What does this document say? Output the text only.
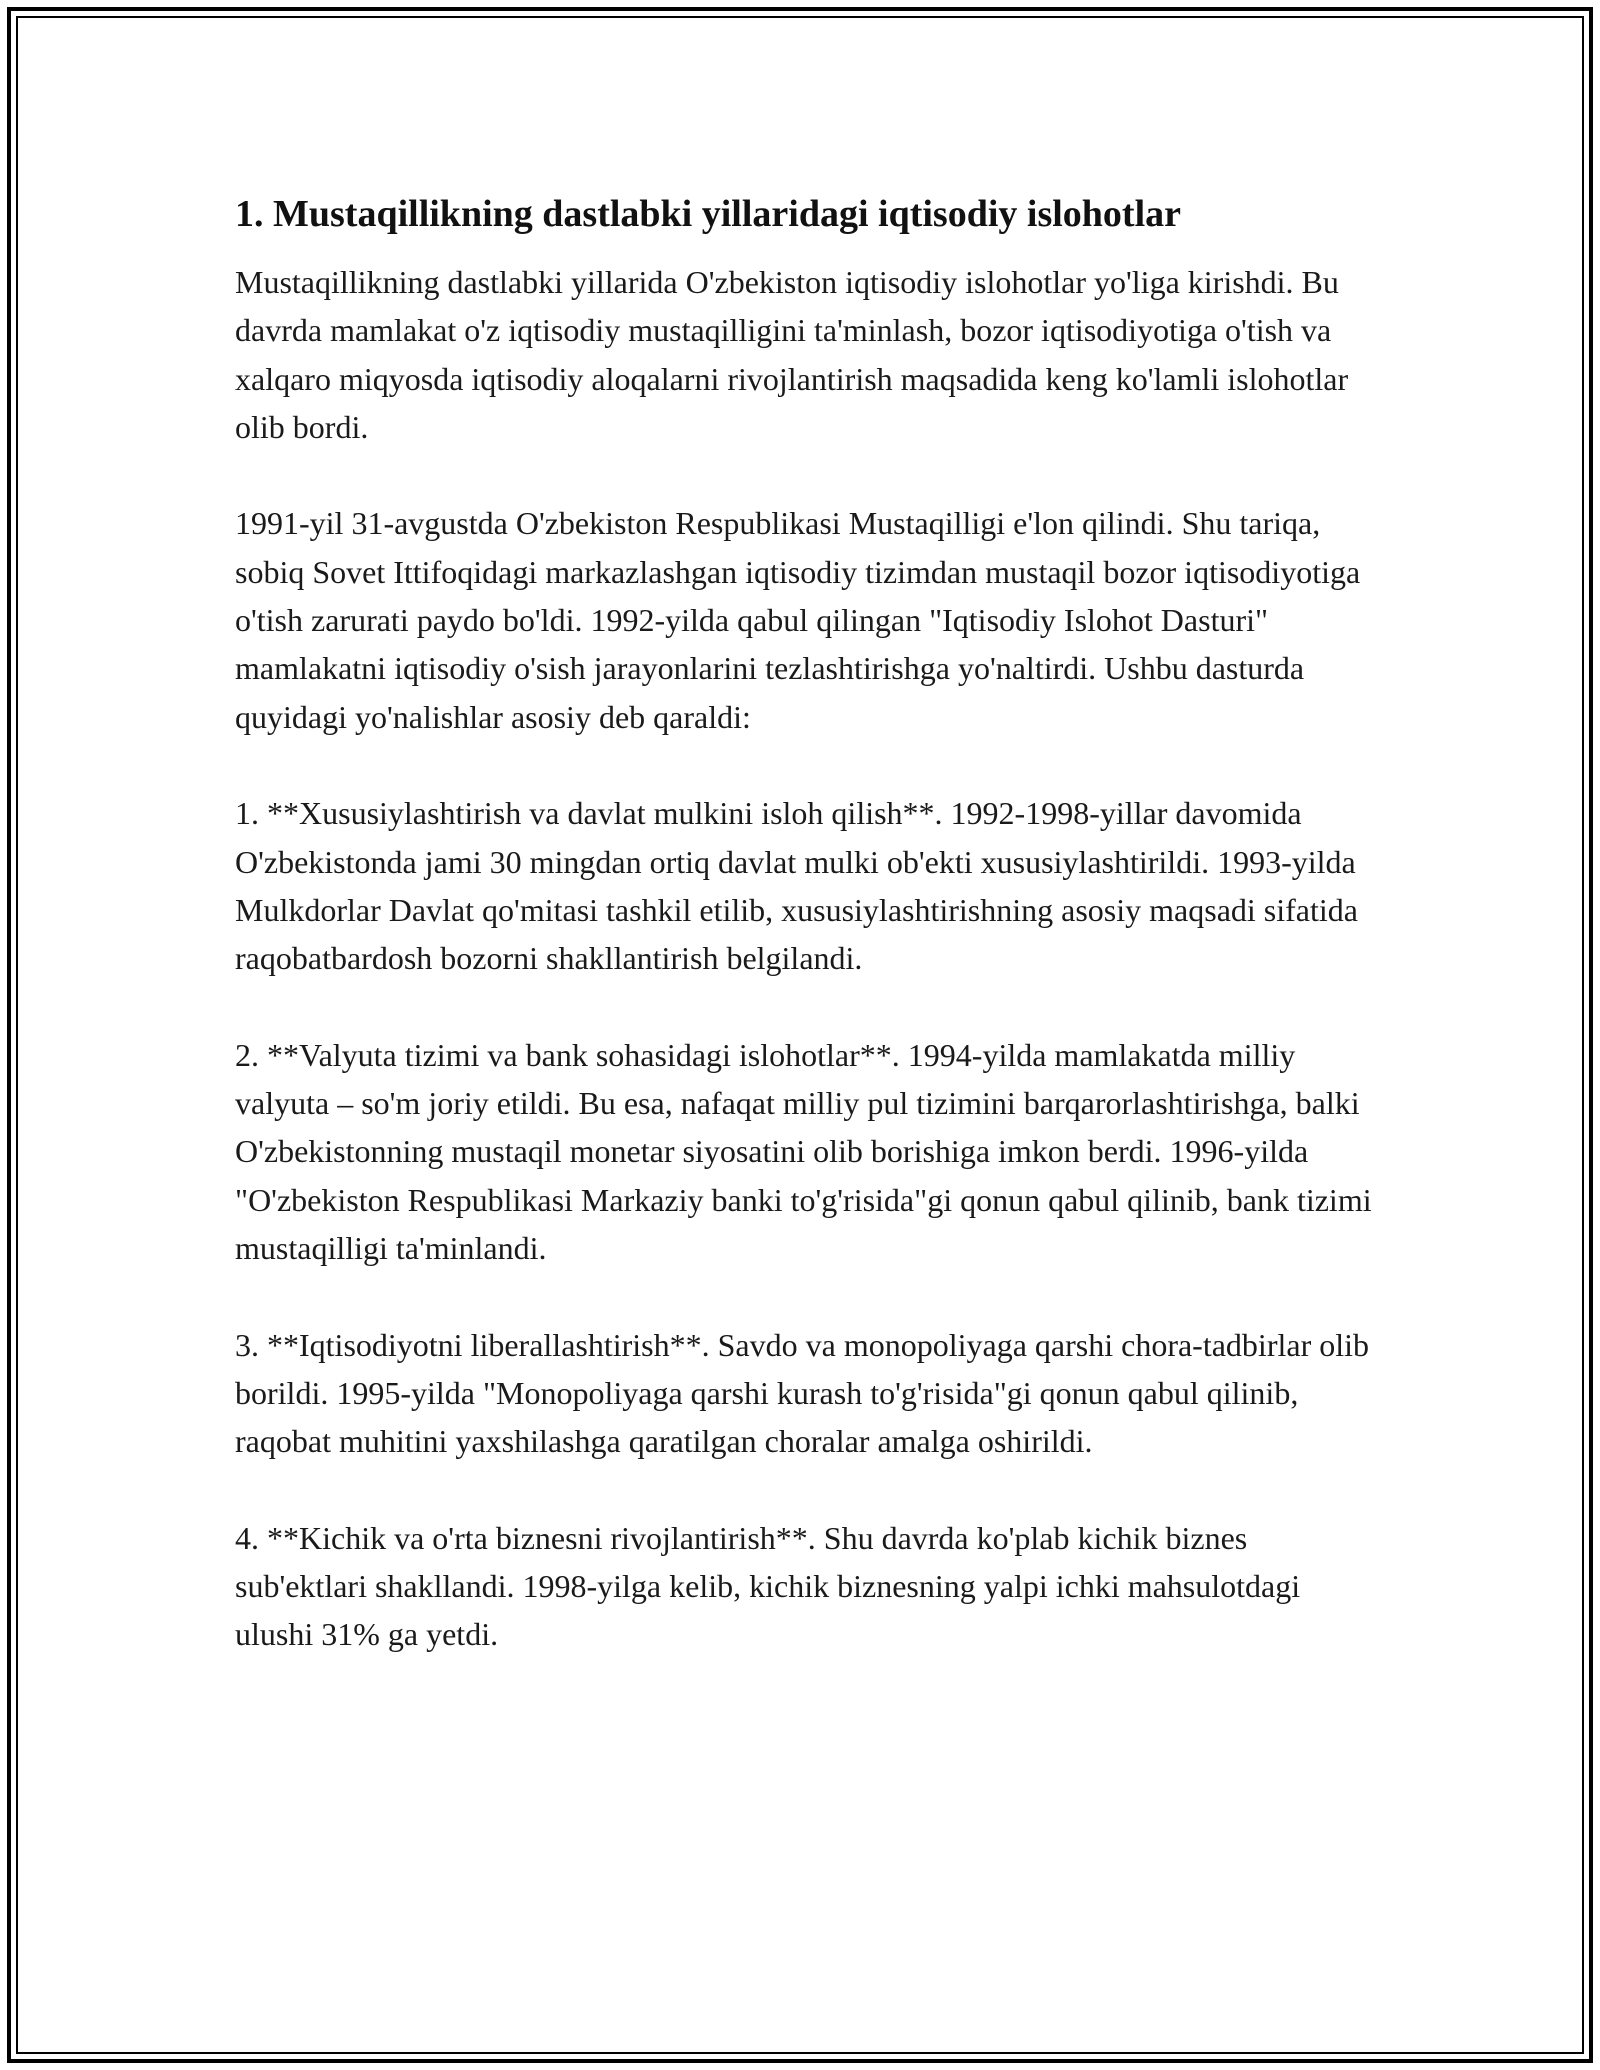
1. Mustaqillikning dastlabki yillaridagi iqtisodiy islohotlar

Mustaqillikning dastlabki yillarida O'zbekiston iqtisodiy islohotlar yo'liga kirishdi. Bu davrda mamlakat o'z iqtisodiy mustaqilligini ta'minlash, bozor iqtisodiyotiga o'tish va xalqaro miqyosda iqtisodiy aloqalarni rivojlantirish maqsadida keng ko'lamli islohotlar olib bordi.

1991-yil 31-avgustda O'zbekiston Respublikasi Mustaqilligi e'lon qilindi. Shu tariqa, sobiq Sovet Ittifoqidagi markazlashgan iqtisodiy tizimdan mustaqil bozor iqtisodiyotiga o'tish zarurati paydo bo'ldi. 1992-yilda qabul qilingan "Iqtisodiy Islohot Dasturi" mamlakatni iqtisodiy o'sish jarayonlarini tezlashtirishga yo'naltirdi. Ushbu dasturda quyidagi yo'nalishlar asosiy deb qaraldi:

1. **Xususiylashtirish va davlat mulkini isloh qilish**. 1992-1998-yillar davomida O'zbekistonda jami 30 mingdan ortiq davlat mulki ob'ekti xususiylashtirildi. 1993-yilda Mulkdorlar Davlat qo'mitasi tashkil etilib, xususiylashtirishning asosiy maqsadi sifatida raqobatbardosh bozorni shakllantirish belgilandi.

2. **Valyuta tizimi va bank sohasidagi islohotlar**. 1994-yilda mamlakatda milliy valyuta – so'm joriy etildi. Bu esa, nafaqat milliy pul tizimini barqarorlashtirishga, balki O'zbekistonning mustaqil monetar siyosatini olib borishiga imkon berdi. 1996-yilda "O'zbekiston Respublikasi Markaziy banki to'g'risida"gi qonun qabul qilinib, bank tizimi mustaqilligi ta'minlandi.

3. **Iqtisodiyotni liberallashtirish**. Savdo va monopoliyaga qarshi chora-tadbirlar olib borildi. 1995-yilda "Monopoliyaga qarshi kurash to'g'risida"gi qonun qabul qilinib, raqobat muhitini yaxshilashga qaratilgan choralar amalga oshirildi.

4. **Kichik va o'rta biznesni rivojlantirish**. Shu davrda ko'plab kichik biznes sub'ektlari shakllandi. 1998-yilga kelib, kichik biznesning yalpi ichki mahsulotdagi ulushi 31% ga yetdi.
